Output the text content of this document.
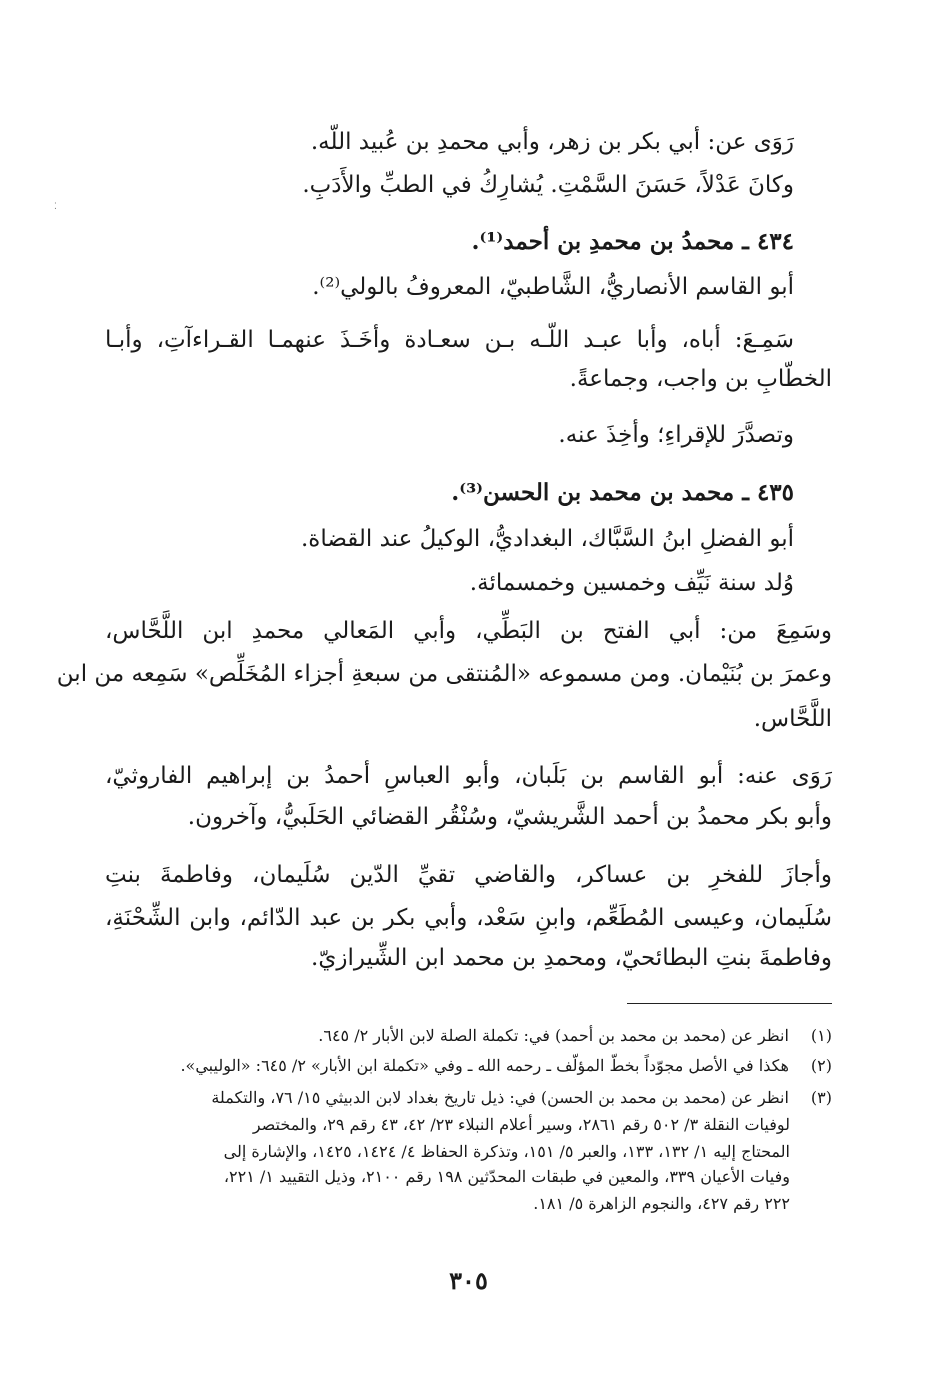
رَوَى عن: أبي بكر بن زهر، وأبي محمدِ بن عُبيد اللّه.
وكانَ عَدْلاً، حَسَنَ السَّمْتِ. يُشارِكُ في الطبِّ والأَدَبِ.
٤٣٤ ـ محمدُ بن محمدِ بن أحمد⁽¹⁾.
أبو القاسم الأنصاريُّ، الشَّاطبيّ، المعروفُ بالولي⁽²⁾.
سَمِـعَ: أباه، وأبا عبـد اللّـه بـن سعـادة وأخَـذَ عنهمـا القـراءآتِ، وأبـا
الخطّابِ بن واجب، وجماعةً.
وتصدَّرَ للإقراءِ؛ وأخِذَ عنه.
٤٣٥ ـ محمد بن محمد بن الحسن⁽³⁾.
أبو الفضلِ ابنُ السَّبَّاك، البغداديُّ، الوكيلُ عند القضاة.
وُلد سنة نَيِّف وخمسين وخمسمائة.
وسَمِعَ من: أبي الفتح بن البَطِّي، وأبي المَعالي محمدِ ابن اللَّحَّاس،
وعمرَ بن بُنَيْمان. ومن مسموعه «المُنتقى من سبعةِ أجزاء المُخَلِّص» سَمِعه من ابن
اللَّحَّاس.
رَوَى عنه: أبو القاسم بن بَلَبان، وأبو العباسِ أحمدُ بن إبراهيم الفاروثيّ،
وأبو بكر محمدُ بن أحمد الشَّريشيّ، وسُنْقُر القضائي الحَلَبيُّ، وآخرون.
وأجازَ للفخرِ بن عساكر، والقاضي تقيِّ الدّين سُلَيمان، وفاطمةَ بنتِ
سُلَيمان، وعيسى المُطَعِّم، وابنِ سَعْد، وأبي بكر بن عبد الدّائم، وابن الشِّحْنَةِ،
وفاطمةَ بنتِ البطائحيّ، ومحمدِ بن محمد ابن الشِّيرازيّ.
(١) انظر عن (محمد بن محمد بن أحمد) في: تكملة الصلة لابن الأبار ٢/ ٦٤٥.
(٢) هكذا في الأصل مجوّداً بخطّ المؤلّف ـ رحمه الله ـ وفي «تكملة ابن الأبار» ٢/ ٦٤٥: «الوليبي».
(٣) انظر عن (محمد بن محمد بن الحسن) في: ذيل تاريخ بغداد لابن الدبيثي ١٥/ ٧٦، والتكملة
لوفيات النقلة ٣/ ٥٠٢ رقم ٢٨٦١، وسير أعلام النبلاء ٢٣/ ٤٢، ٤٣ رقم ٢٩، والمختصر
المحتاج إليه ١/ ١٣٢، ١٣٣، والعبر ٥/ ١٥١، وتذكرة الحفاظ ٤/ ١٤٢٤، ١٤٢٥، والإشارة إلى
وفيات الأعيان ٣٣٩، والمعين في طبقات المحدّثين ١٩٨ رقم ٢١٠٠، وذيل التقييد ١/ ٢٢١،
٢٢٢ رقم ٤٢٧، والنجوم الزاهرة ٥/ ١٨١.
٣٠٥
⁚
